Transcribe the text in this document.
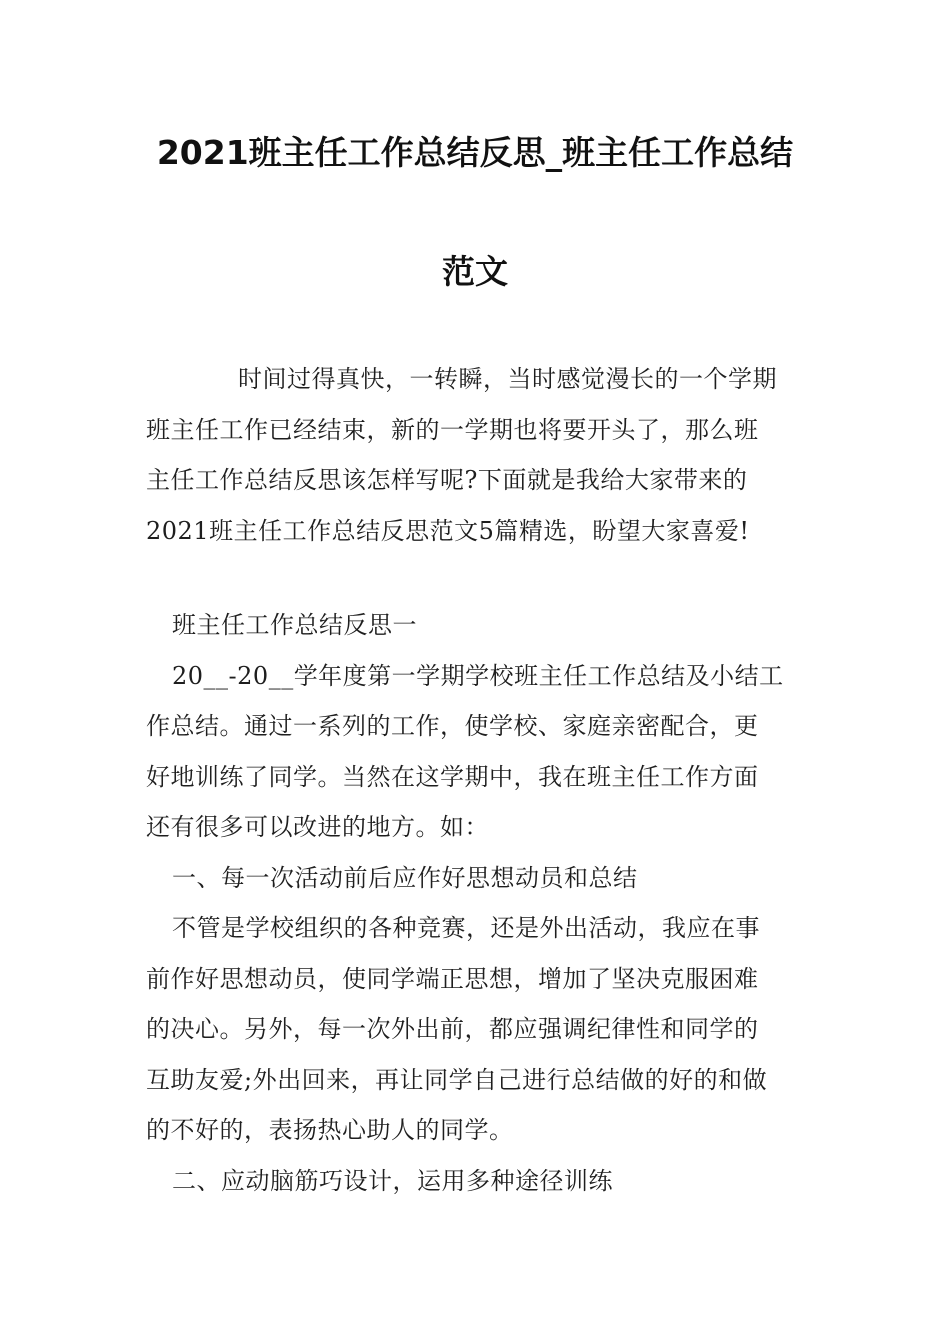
2021班主任工作总结反思_班主任工作总结
范文

时间过得真快，一转瞬，当时感觉漫长的一个学期

班主任工作已经结束，新的一学期也将要开头了，那么班

主任工作总结反思该怎样写呢?下面就是我给大家带来的

2021班主任工作总结反思范文5篇精选，盼望大家喜爱!

班主任工作总结反思一

20__-20__学年度第一学期学校班主任工作总结及小结工

作总结。通过一系列的工作，使学校、家庭亲密配合，更

好地训练了同学。当然在这学期中，我在班主任工作方面

还有很多可以改进的地方。如：

一、每一次活动前后应作好思想动员和总结

不管是学校组织的各种竞赛，还是外出活动，我应在事

前作好思想动员，使同学端正思想，增加了坚决克服困难

的决心。另外，每一次外出前，都应强调纪律性和同学的

互助友爱;外出回来，再让同学自己进行总结做的好的和做

的不好的，表扬热心助人的同学。

二、应动脑筋巧设计，运用多种途径训练
